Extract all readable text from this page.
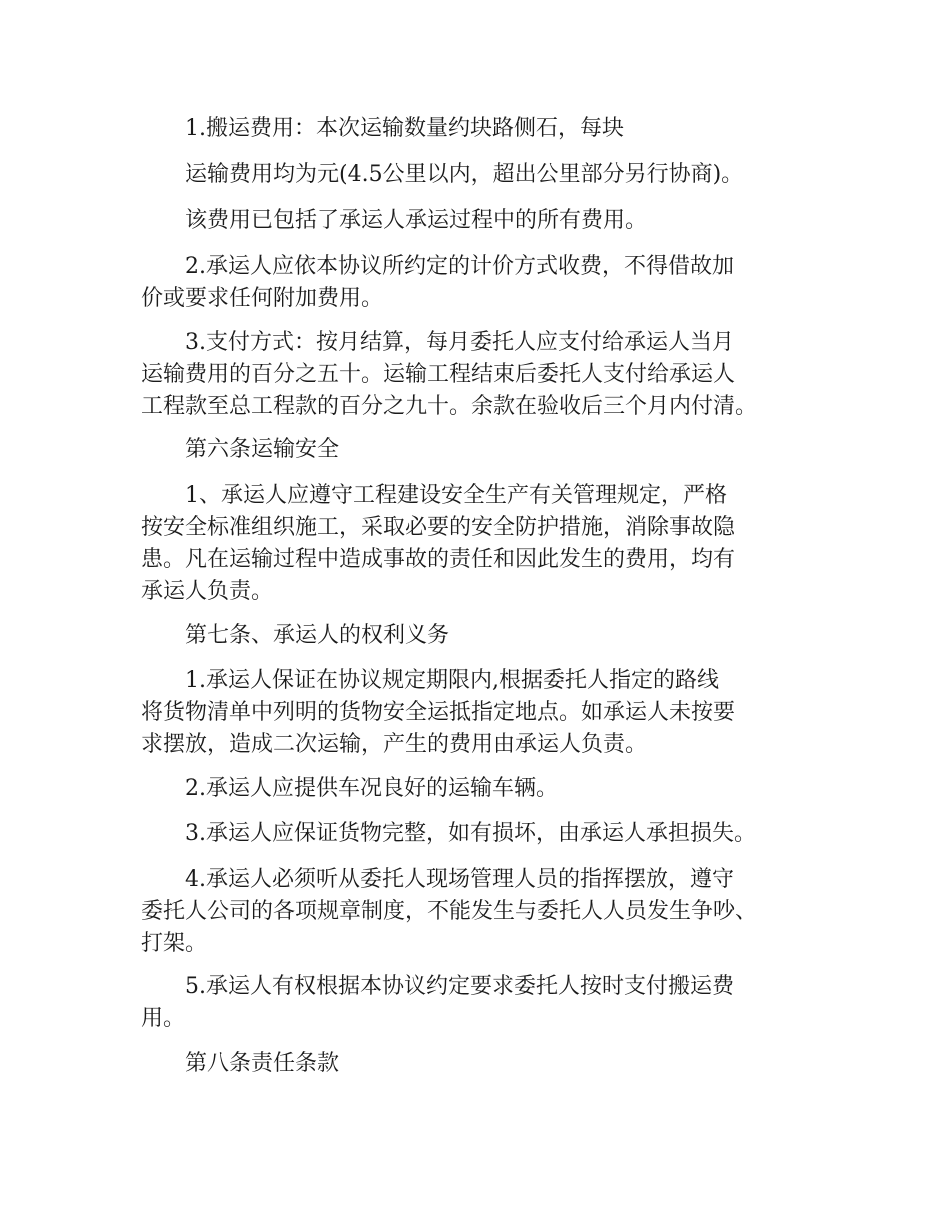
1.搬运费用：本次运输数量约块路侧石，每块
运输费用均为元(4.5公里以内，超出公里部分另行协商)。
该费用已包括了承运人承运过程中的所有费用。
2.承运人应依本协议所约定的计价方式收费，不得借故加
价或要求任何附加费用。
3.支付方式：按月结算，每月委托人应支付给承运人当月
运输费用的百分之五十。运输工程结束后委托人支付给承运人
工程款至总工程款的百分之九十。余款在验收后三个月内付清。
第六条运输安全
1、承运人应遵守工程建设安全生产有关管理规定，严格
按安全标准组织施工，采取必要的安全防护措施，消除事故隐
患。凡在运输过程中造成事故的责任和因此发生的费用，均有
承运人负责。
第七条、承运人的权利义务
1.承运人保证在协议规定期限内,根据委托人指定的路线
将货物清单中列明的货物安全运抵指定地点。如承运人未按要
求摆放，造成二次运输，产生的费用由承运人负责。
2.承运人应提供车况良好的运输车辆。
3.承运人应保证货物完整，如有损坏，由承运人承担损失。
4.承运人必须听从委托人现场管理人员的指挥摆放，遵守
委托人公司的各项规章制度，不能发生与委托人人员发生争吵、
打架。
5.承运人有权根据本协议约定要求委托人按时支付搬运费
用。
第八条责任条款
